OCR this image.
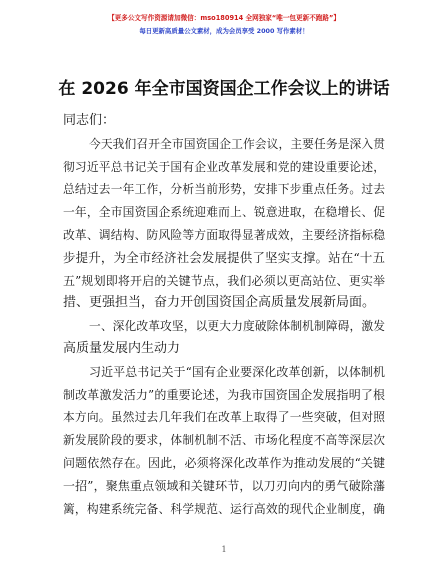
【更多公文写作资源请加微信：mso180914 全网独家“唯一包更新不跑路”】
每日更新高质量公文素材，成为会员享受 2000 写作素材！
在 2026 年全市国资国企工作会议上的讲话
同志们：
今天我们召开全市国资国企工作会议，主要任务是深入贯
彻习近平总书记关于国有企业改革发展和党的建设重要论述，
总结过去一年工作，分析当前形势，安排下步重点任务。过去
一年，全市国资国企系统迎难而上、锐意进取，在稳增长、促
改革、调结构、防风险等方面取得显著成效，主要经济指标稳
步提升，为全市经济社会发展提供了坚实支撑。站在“十五
五”规划即将开启的关键节点，我们必须以更高站位、更实举
措、更强担当，奋力开创国资国企高质量发展新局面。
一、深化改革攻坚，以更大力度破除体制机制障碍，激发
高质量发展内生动力
习近平总书记关于“国有企业要深化改革创新，以体制机
制改革激发活力”的重要论述，为我市国资国企发展指明了根
本方向。虽然过去几年我们在改革上取得了一些突破，但对照
新发展阶段的要求，体制机制不活、市场化程度不高等深层次
问题依然存在。因此，必须将深化改革作为推动发展的“关键
一招”，聚焦重点领域和关键环节，以刀刃向内的勇气破除藩
篱，构建系统完备、科学规范、运行高效的现代企业制度，确
1
